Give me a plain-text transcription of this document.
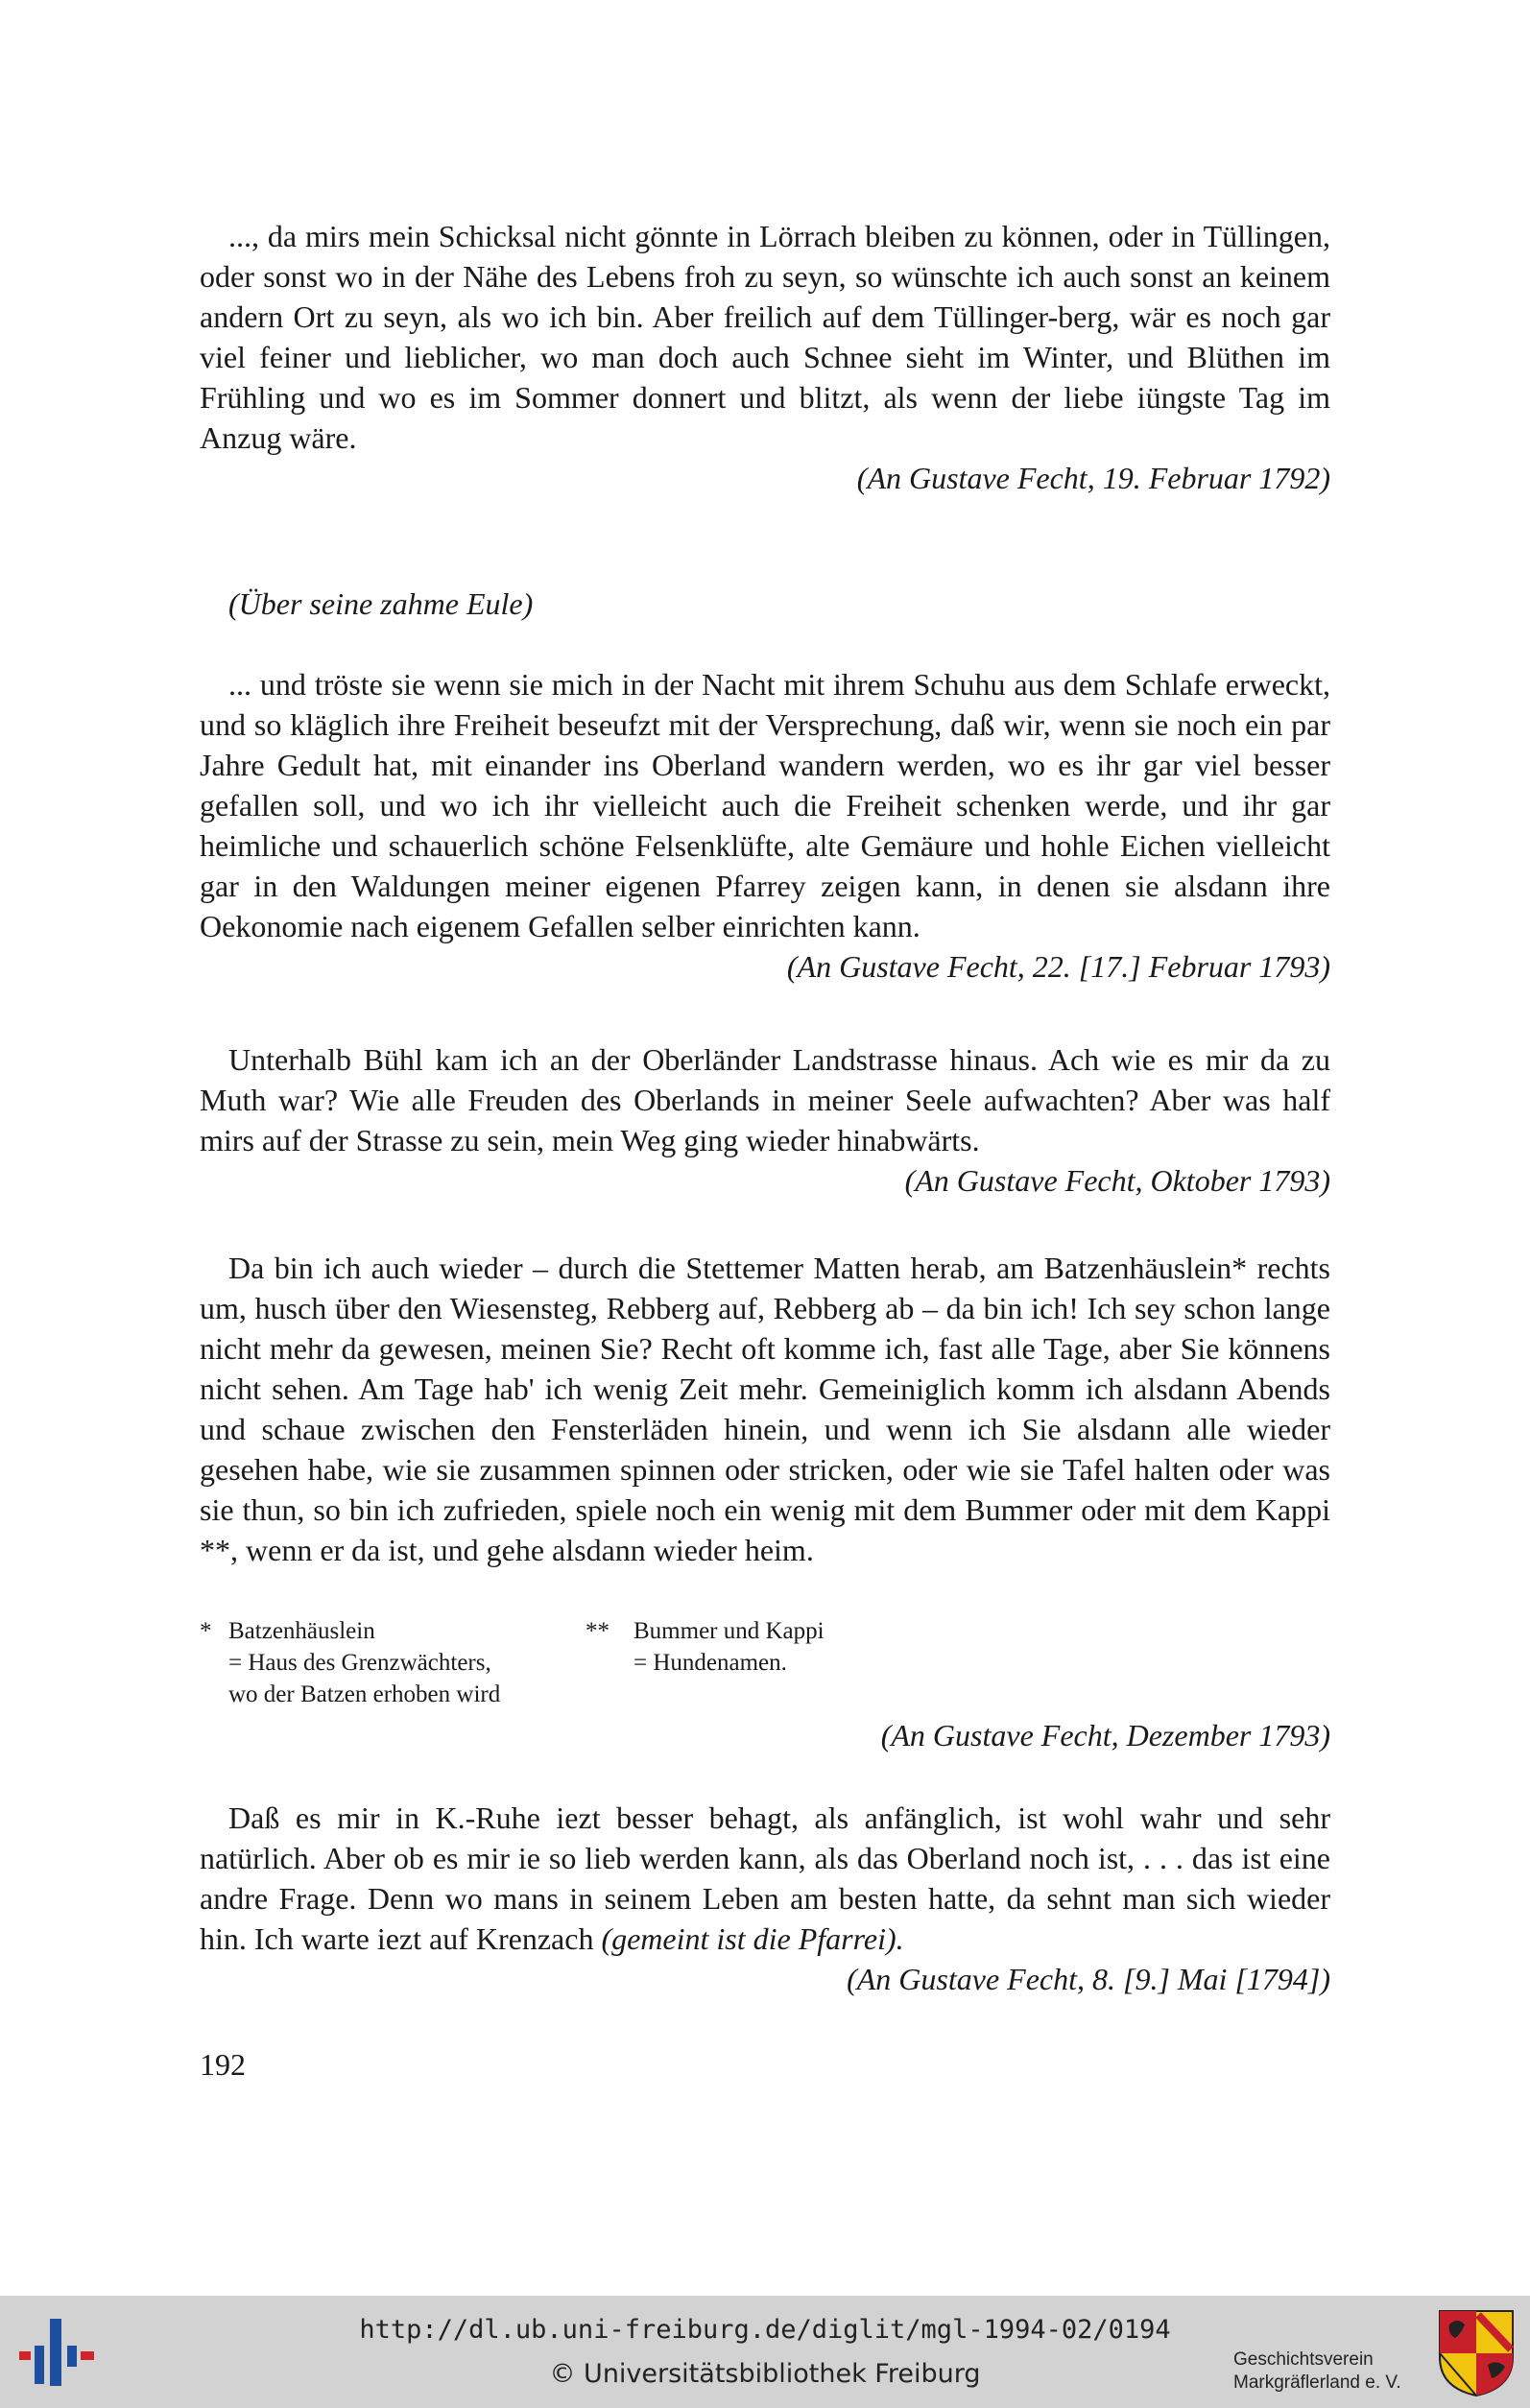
..., da mirs mein Schicksal nicht gönnte in Lörrach bleiben zu können, oder in Tüllingen, oder sonst wo in der Nähe des Lebens froh zu seyn, so wünschte ich auch sonst an keinem andern Ort zu seyn, als wo ich bin. Aber freilich auf dem Tüllinger-berg, wär es noch gar viel feiner und lieblicher, wo man doch auch Schnee sieht im Winter, und Blüthen im Frühling und wo es im Sommer donnert und blitzt, als wenn der liebe iüngste Tag im Anzug wäre.

(An Gustave Fecht, 19. Februar 1792)

(Über seine zahme Eule)

... und tröste sie wenn sie mich in der Nacht mit ihrem Schuhu aus dem Schlafe erweckt, und so kläglich ihre Freiheit beseufzt mit der Versprechung, daß wir, wenn sie noch ein par Jahre Gedult hat, mit einander ins Oberland wandern werden, wo es ihr gar viel besser gefallen soll, und wo ich ihr vielleicht auch die Freiheit schenken werde, und ihr gar heimliche und schauerlich schöne Felsenklüfte, alte Gemäure und hohle Eichen vielleicht gar in den Waldungen meiner eigenen Pfarrey zeigen kann, in denen sie alsdann ihre Oekonomie nach eigenem Gefallen selber einrichten kann.

(An Gustave Fecht, 22. [17.] Februar 1793)

Unterhalb Bühl kam ich an der Oberländer Landstrasse hinaus. Ach wie es mir da zu Muth war? Wie alle Freuden des Oberlands in meiner Seele aufwachten? Aber was half mirs auf der Strasse zu sein, mein Weg ging wieder hinabwärts.

(An Gustave Fecht, Oktober 1793)

Da bin ich auch wieder – durch die Stettemer Matten herab, am Batzenhäuslein* rechts um, husch über den Wiesensteg, Rebberg auf, Rebberg ab – da bin ich! Ich sey schon lange nicht mehr da gewesen, meinen Sie? Recht oft komme ich, fast alle Tage, aber Sie könnens nicht sehen. Am Tage hab' ich wenig Zeit mehr. Gemeiniglich komm ich alsdann Abends und schaue zwischen den Fensterläden hinein, und wenn ich Sie alsdann alle wieder gesehen habe, wie sie zusammen spinnen oder stricken, oder wie sie Tafel halten oder was sie thun, so bin ich zufrieden, spiele noch ein wenig mit dem Bummer oder mit dem Kappi **, wenn er da ist, und gehe alsdann wieder heim.

* Batzenhäuslein
= Haus des Grenzwächters,
wo der Batzen erhoben wird
** Bummer und Kappi
= Hundenamen.

(An Gustave Fecht, Dezember 1793)

Daß es mir in K.-Ruhe iezt besser behagt, als anfänglich, ist wohl wahr und sehr natürlich. Aber ob es mir ie so lieb werden kann, als das Oberland noch ist, . . . das ist eine andre Frage. Denn wo mans in seinem Leben am besten hatte, da sehnt man sich wieder hin. Ich warte iezt auf Krenzach (gemeint ist die Pfarrei).

(An Gustave Fecht, 8. [9.] Mai [1794])

192
http://dl.ub.uni-freiburg.de/diglit/mgl-1994-02/0194
© Universitätsbibliothek Freiburg	Geschichtsverein
Markgräflerland e. V.
